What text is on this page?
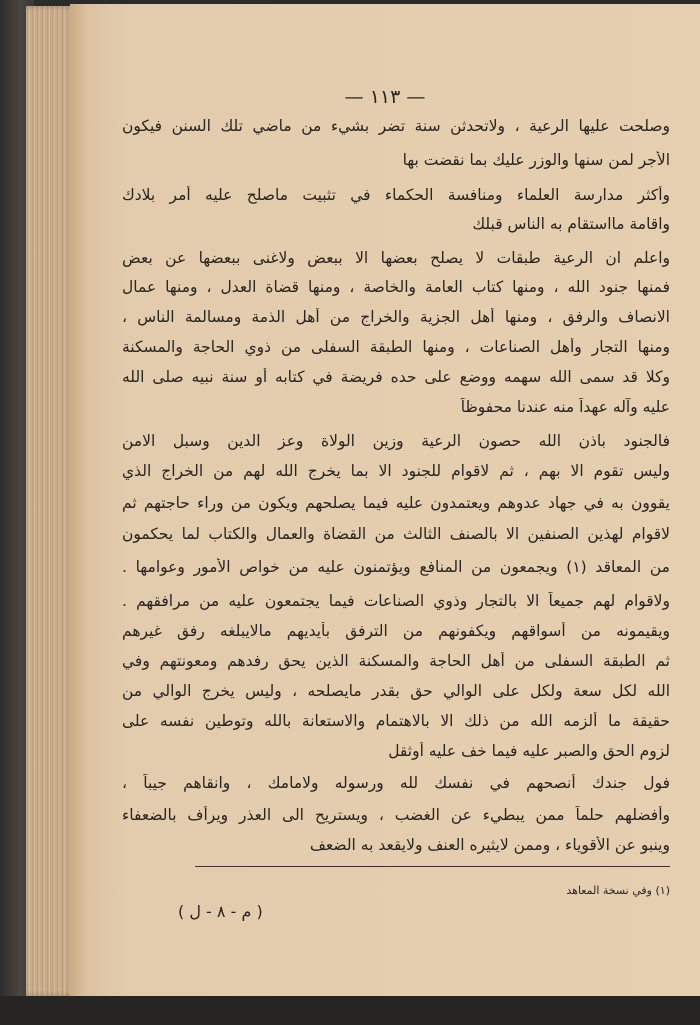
— ١١٣ —
وصلحت عليها الرعية ، ولاتحدثن سنة تضر بشيء من ماضي تلك السنن فيكون
الأجر لمن سنها والوزر عليك بما نقضت بها
وأكثر مدارسة العلماء ومنافسة الحكماء في تثبيت ماصلح عليه أمر بلادك
واقامة مااستقام به الناس قبلك
واعلم ان الرعية طبقات لا يصلح بعضها الا ببعض ولاغنى ببعضها عن بعض
فمنها جنود الله ، ومنها كتاب العامة والخاصة ، ومنها قضاة العدل ، ومنها عمال
الانصاف والرفق ، ومنها أهل الجزية والخراج من أهل الذمة ومسالمة الناس ،
ومنها التجار وأهل الصناعات ، ومنها الطبقة السفلى من ذوي الحاجة والمسكنة
وكلا قد سمى الله سهمه ووضع على حده فريضة في كتابه أو سنة نبيه صلى الله
عليه وآله عهداً منه عندنا محفوظاً
فالجنود باذن الله حصون الرعية وزين الولاة وعز الدين وسبل الامن
وليس تقوم الا بهم ، ثم لاقوام للجنود الا بما يخرج الله لهم من الخراج الذي
يقوون به في جهاد عدوهم ويعتمدون عليه فيما يصلحهم ويكون من وراء حاجتهم ثم
لاقوام لهذين الصنفين الا بالصنف الثالث من القضاة والعمال والكتاب لما يحكمون
من المعاقد (١) ويجمعون من المنافع ويؤتمنون عليه من خواص الأمور وعوامها .
ولاقوام لهم جميعاً الا بالتجار وذوي الصناعات فيما يجتمعون عليه من مرافقهم .
ويقيمونه من أسواقهم ويكفونهم من الترفق بأيديهم مالايبلغه رفق غيرهم
ثم الطبقة السفلى من أهل الحاجة والمسكنة الذين يحق رفدهم ومعونتهم وفي
الله لكل سعة ولكل على الوالي حق بقدر مايصلحه ، وليس يخرج الوالي من
حقيقة ما ألزمه الله من ذلك الا بالاهتمام والاستعانة بالله وتوطين نفسه على
لزوم الحق والصبر عليه فيما خف عليه أوثقل
فول جندك أنصحهم في نفسك لله ورسوله ولامامك ، وانقاهم جيباً ،
وأفضلهم حلماً ممن يبطيء عن الغضب ، ويستريح الى العذر ويرأف بالضعفاء
وينبو عن الأقوياء ، وممن لايثيره العنف ولايقعد به الضعف
(١) وفي نسخة المعاهد
( م - ٨ - ل )
